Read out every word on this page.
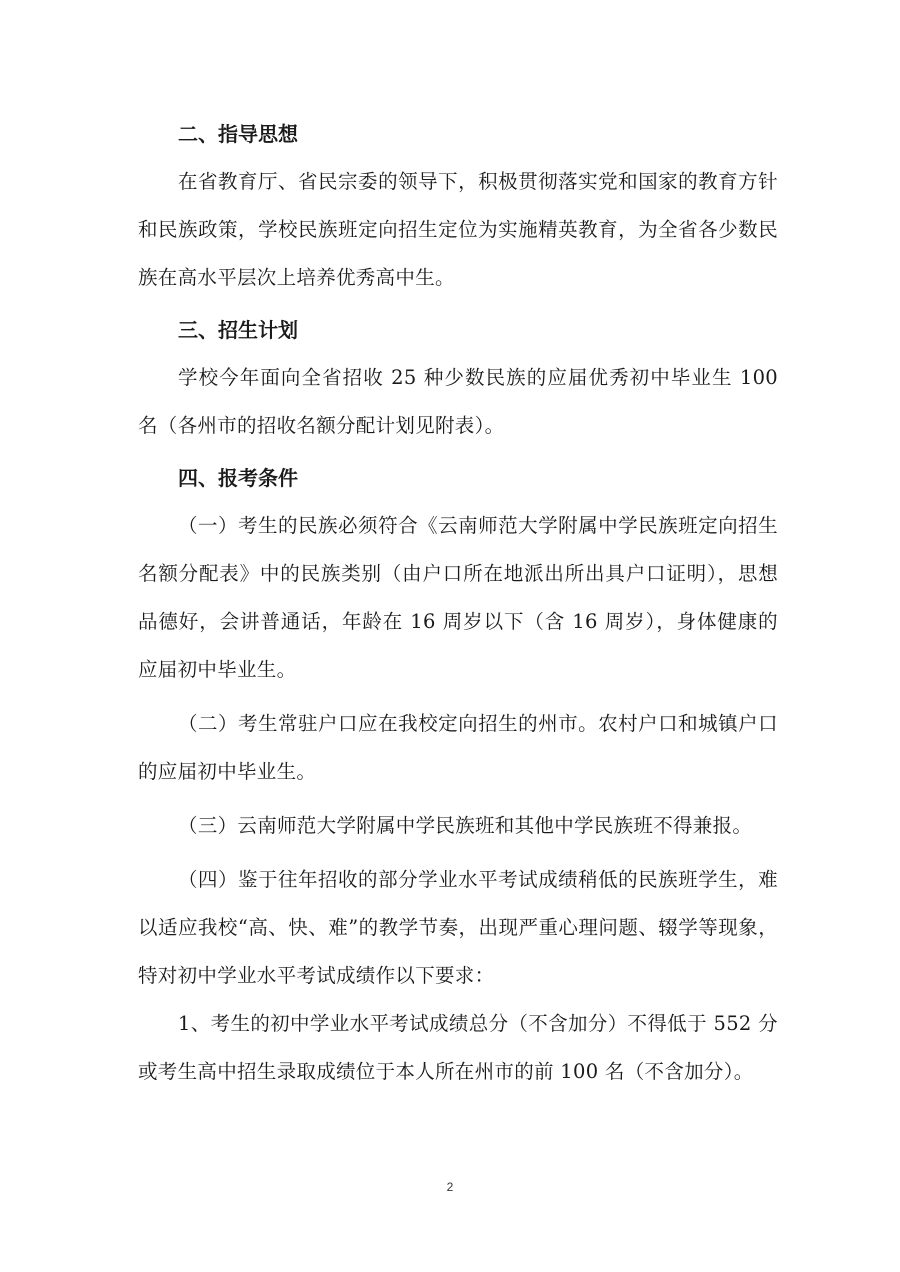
二、指导思想

在省教育厅、省民宗委的领导下，积极贯彻落实党和国家的教育方针和民族政策，学校民族班定向招生定位为实施精英教育，为全省各少数民族在高水平层次上培养优秀高中生。

三、招生计划

学校今年面向全省招收 25 种少数民族的应届优秀初中毕业生 100 名（各州市的招收名额分配计划见附表）。

四、报考条件

（一）考生的民族必须符合《云南师范大学附属中学民族班定向招生名额分配表》中的民族类别（由户口所在地派出所出具户口证明），思想品德好，会讲普通话，年龄在 16 周岁以下（含 16 周岁），身体健康的应届初中毕业生。

（二）考生常驻户口应在我校定向招生的州市。农村户口和城镇户口的应届初中毕业生。

（三）云南师范大学附属中学民族班和其他中学民族班不得兼报。

（四）鉴于往年招收的部分学业水平考试成绩稍低的民族班学生，难以适应我校“高、快、难”的教学节奏，出现严重心理问题、辍学等现象，特对初中学业水平考试成绩作以下要求：

1、考生的初中学业水平考试成绩总分（不含加分）不得低于 552 分或考生高中招生录取成绩位于本人所在州市的前 100 名（不含加分）。

2
